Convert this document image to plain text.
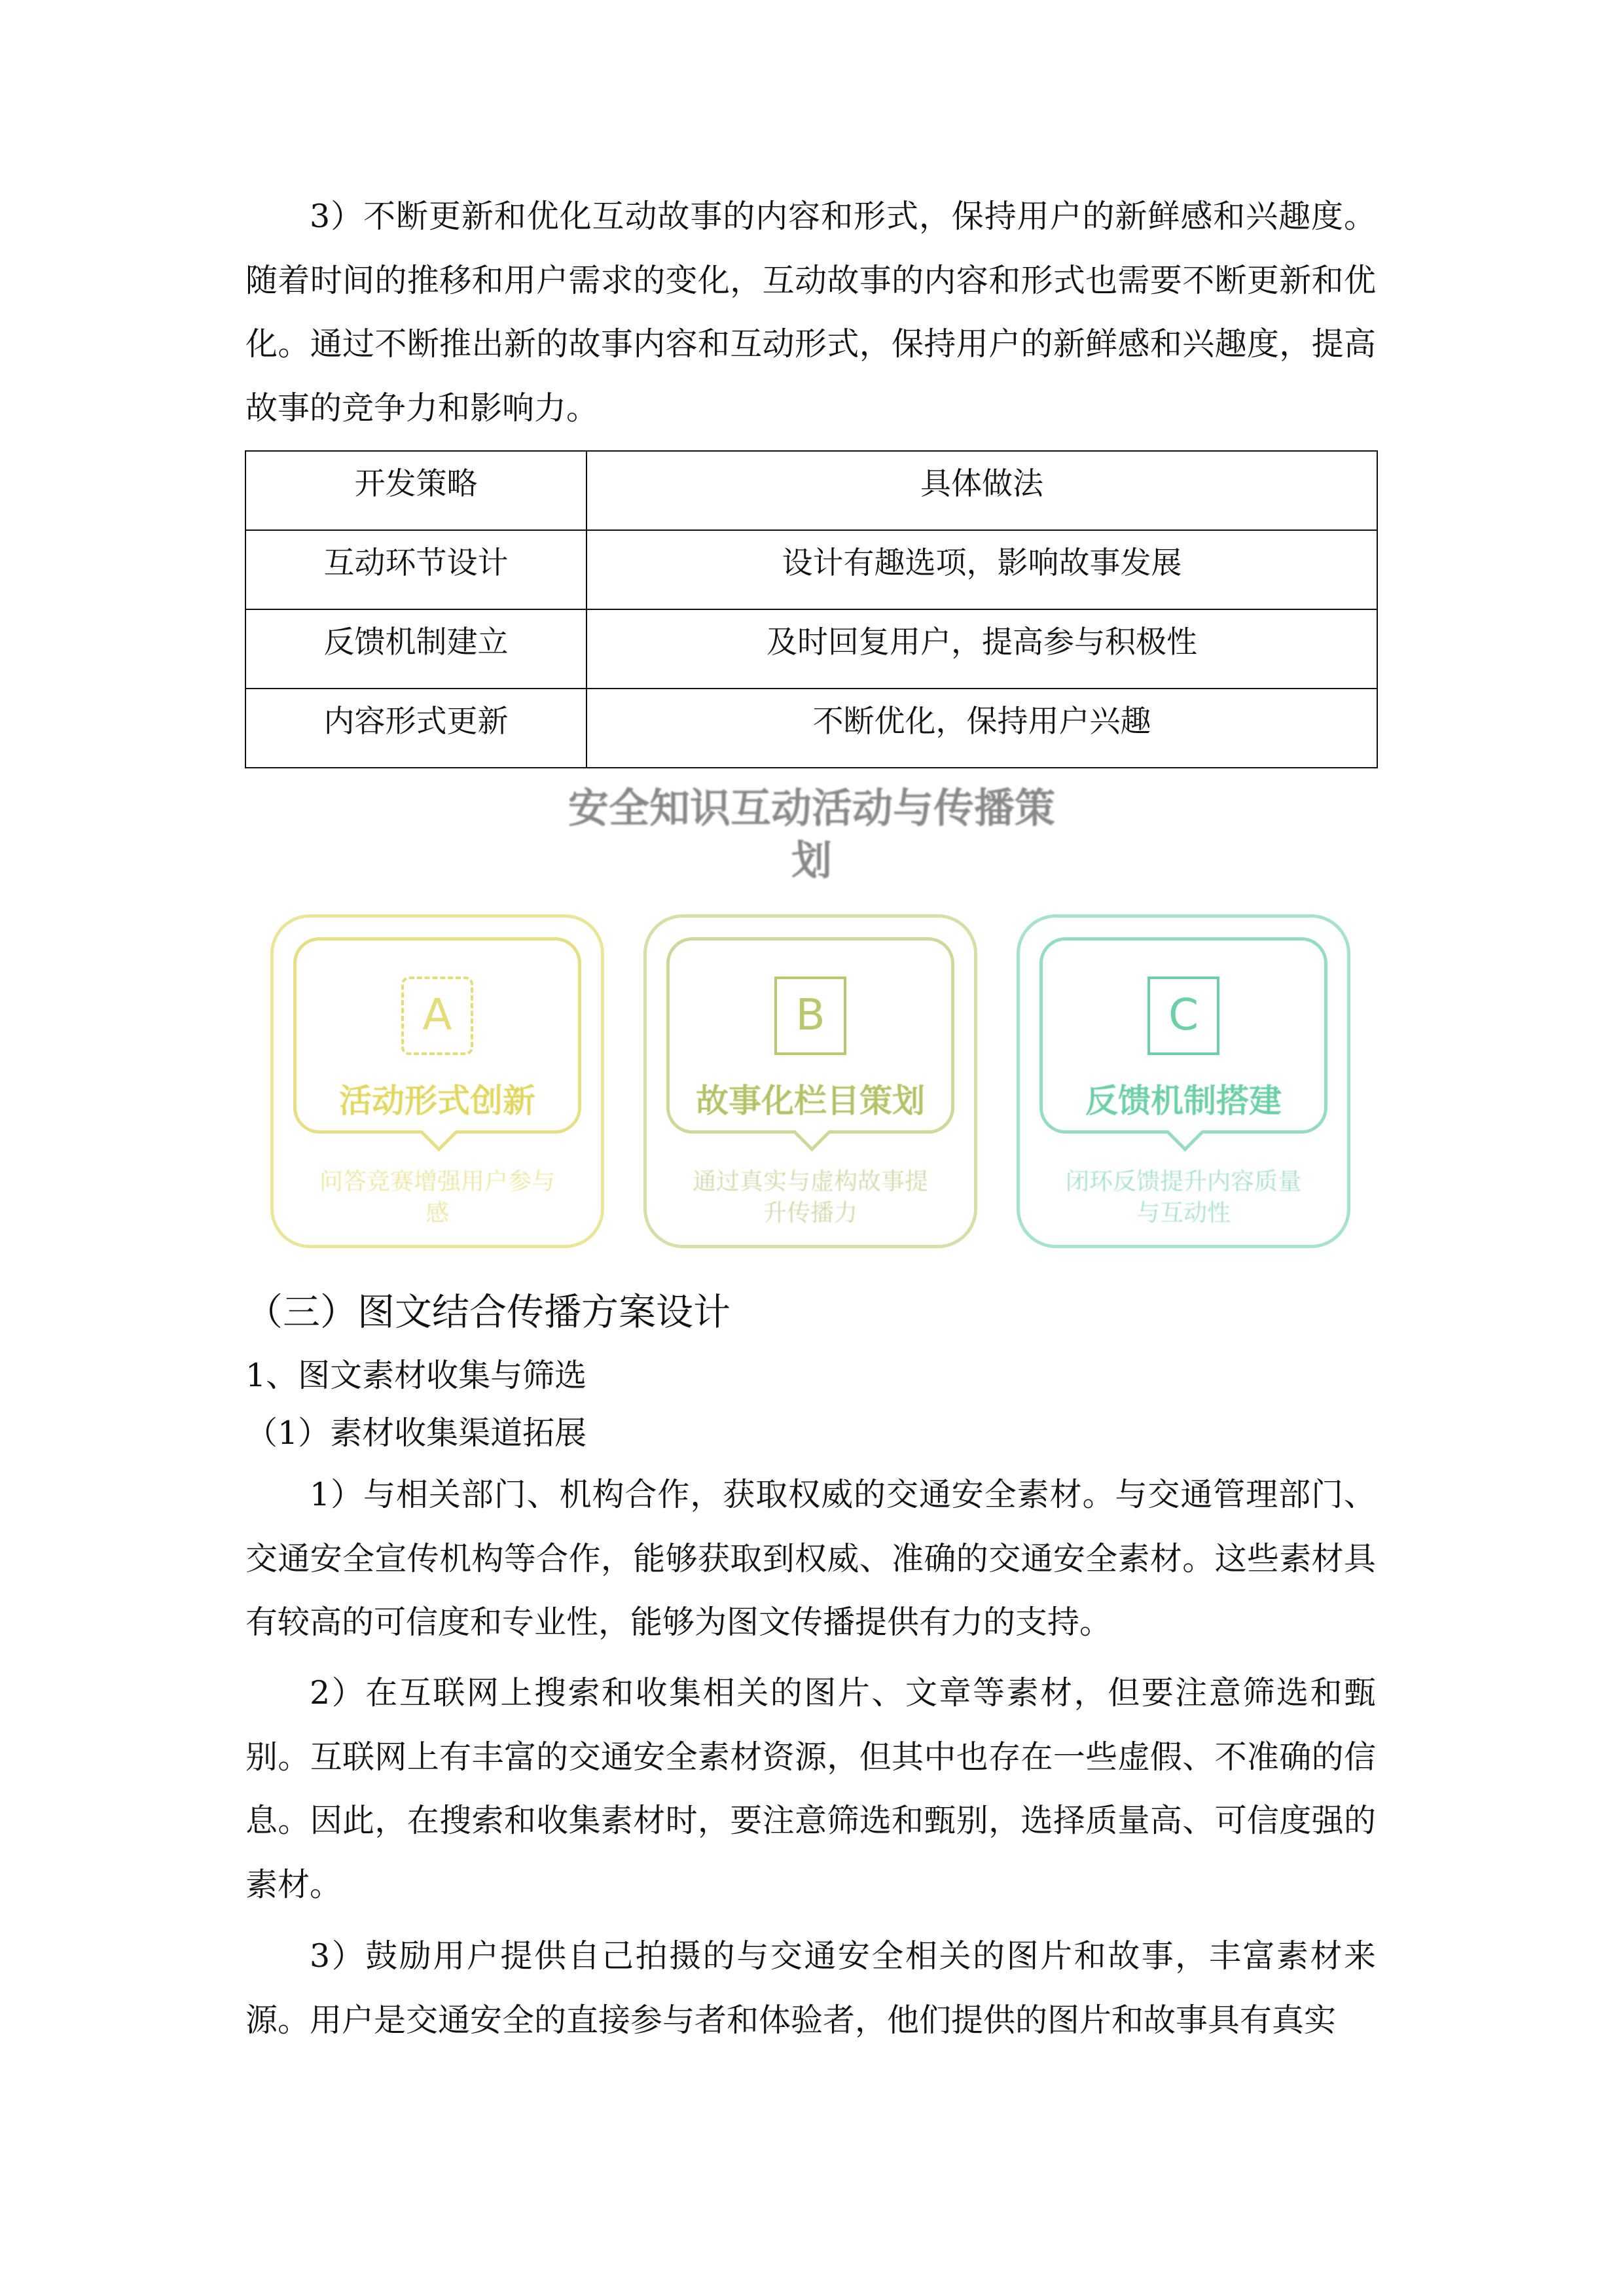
3）不断更新和优化互动故事的内容和形式，保持用户的新鲜感和兴趣度。随着时间的推移和用户需求的变化，互动故事的内容和形式也需要不断更新和优化。通过不断推出新的故事内容和互动形式，保持用户的新鲜感和兴趣度，提高故事的竞争力和影响力。

开发策略	具体做法
互动环节设计	设计有趣选项，影响故事发展
反馈机制建立	及时回复用户，提高参与积极性
内容形式更新	不断优化，保持用户兴趣
安全知识互动活动与传播策划
A
活动形式创新
问答竞赛增强用户参与感
B
故事化栏目策划
通过真实与虚构故事提升传播力
C
反馈机制搭建
闭环反馈提升内容质量与互动性
（三）图文结合传播方案设计
1、图文素材收集与筛选
（1）素材收集渠道拓展

1）与相关部门、机构合作，获取权威的交通安全素材。与交通管理部门、交通安全宣传机构等合作，能够获取到权威、准确的交通安全素材。这些素材具有较高的可信度和专业性，能够为图文传播提供有力的支持。

2）在互联网上搜索和收集相关的图片、文章等素材，但要注意筛选和甄别。互联网上有丰富的交通安全素材资源，但其中也存在一些虚假、不准确的信息。因此，在搜索和收集素材时，要注意筛选和甄别，选择质量高、可信度强的素材。

3）鼓励用户提供自己拍摄的与交通安全相关的图片和故事，丰富素材来源。用户是交通安全的直接参与者和体验者，他们提供的图片和故事具有真实
